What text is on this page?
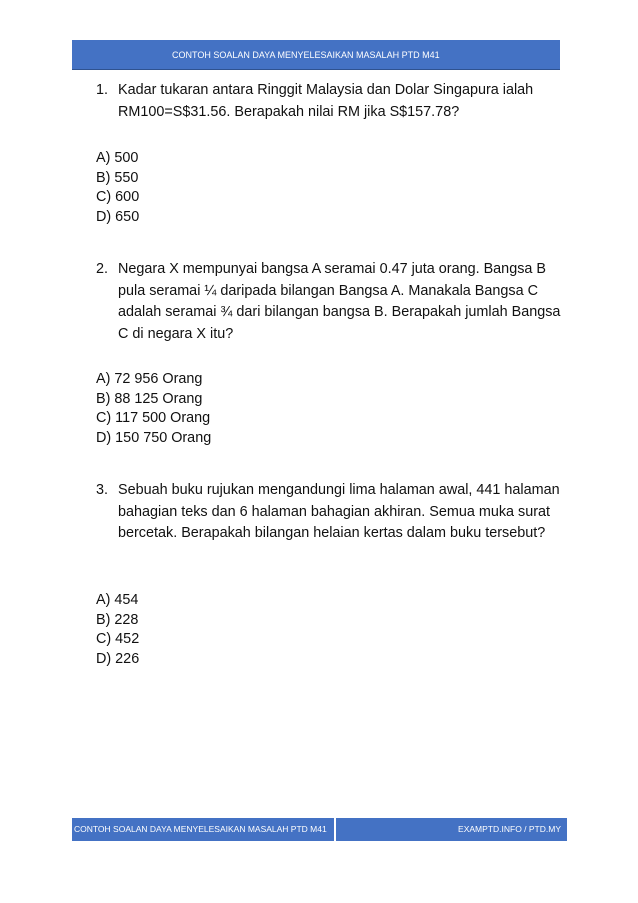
CONTOH SOALAN DAYA MENYELESAIKAN MASALAH PTD M41
1. Kadar tukaran antara Ringgit Malaysia dan Dolar Singapura ialah RM100=S$31.56. Berapakah nilai RM jika S$157.78?
A) 500
B) 550
C) 600
D) 650
2. Negara X mempunyai bangsa A seramai 0.47 juta orang. Bangsa B pula seramai ¼ daripada bilangan Bangsa A. Manakala Bangsa C adalah seramai ¾ dari bilangan bangsa B. Berapakah jumlah Bangsa C di negara X itu?
A) 72 956 Orang
B) 88 125 Orang
C) 117 500 Orang
D) 150 750 Orang
3. Sebuah buku rujukan mengandungi lima halaman awal, 441 halaman bahagian teks dan 6 halaman bahagian akhiran. Semua muka surat bercetak. Berapakah bilangan helaian kertas dalam buku tersebut?
A) 454
B) 228
C) 452
D) 226
CONTOH SOALAN DAYA MENYELESAIKAN MASALAH PTD M41	EXAMPTD.INFO / PTD.MY
